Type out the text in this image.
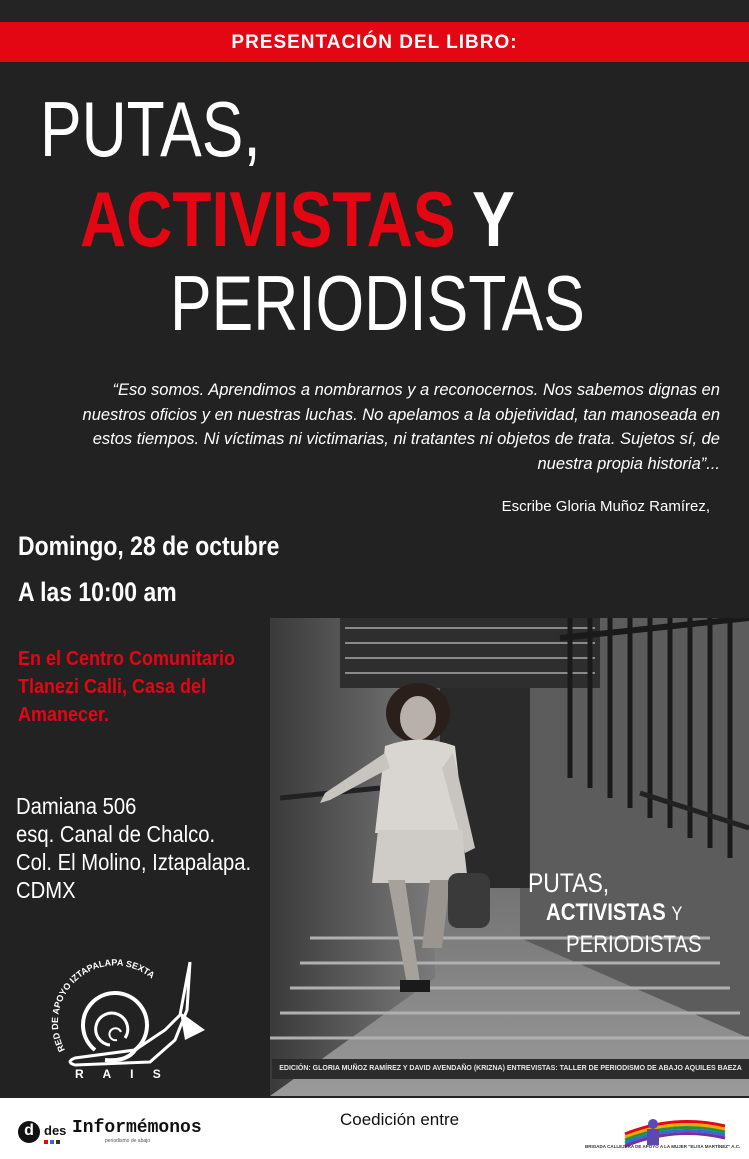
PRESENTACIÓN DEL LIBRO:
PUTAS,
ACTIVISTAS Y
PERIODISTAS
“Eso somos. Aprendimos a nombrarnos y a reconocernos. Nos sabemos dignas en nuestros oficios y en nuestras luchas. No apelamos a la objetividad, tan manoseada en estos tiempos. Ni víctimas ni victimarias, ni tratantes ni objetos de trata. Sujetos sí, de nuestra propia historia”...
Escribe Gloria Muñoz Ramírez,
Domingo, 28 de octubre
A las 10:00 am
En el Centro Comunitario
Tlanezi Calli, Casa del
Amanecer.
Damiana 506
esq. Canal de Chalco.
Col. El Molino, Iztapalapa.
CDMX	PUTAS,
ACTIVISTAS Y
PERIODISTAS
EDICIÓN: GLORIA MUÑOZ RAMÍREZ Y DAVID AVENDAÑO (KRIZNA) ENTREVISTAS: TALLER DE PERIODISMO DE ABAJO AQUILES BAEZA
RED DE APOYO IZTAPALAPA SEXTA
R A I S
Coedición entre
d des Informémonos
periodismo de abajo
BRIGADA CALLEJERA DE APOYO A LA MUJER "ELISA MARTÍNEZ" A.C.
